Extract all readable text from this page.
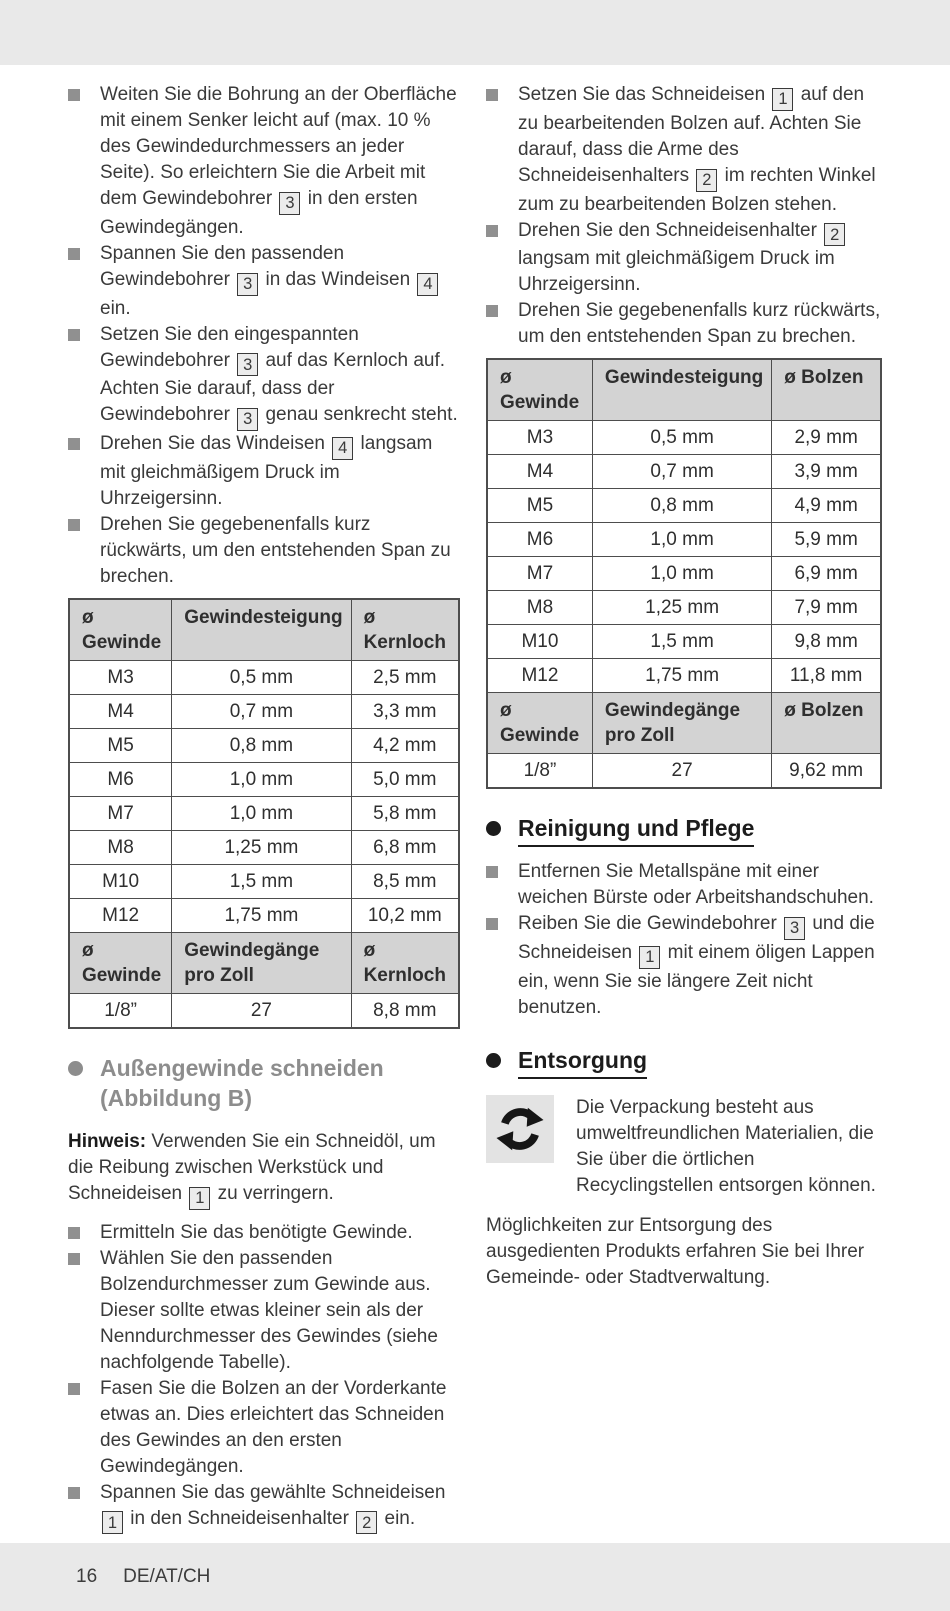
Weiten Sie die Bohrung an der Oberfläche mit einem Senker leicht auf (max. 10 % des Gewindedurchmessers an jeder Seite). So erleichtern Sie die Arbeit mit dem Gewindebohrer 3 in den ersten Gewindegängen.
Spannen Sie den passenden Gewindebohrer 3 in das Windeisen 4 ein.
Setzen Sie den eingespannten Gewindebohrer 3 auf das Kernloch auf. Achten Sie darauf, dass der Gewindebohrer 3 genau senkrecht steht.
Drehen Sie das Windeisen 4 langsam mit gleichmäßigem Druck im Uhrzeigersinn.
Drehen Sie gegebenenfalls kurz rückwärts, um den entstehenden Span zu brechen.
ø Gewinde	Gewindesteigung	ø Kernloch
M3	0,5 mm	2,5 mm
M4	0,7 mm	3,3 mm
M5	0,8 mm	4,2 mm
M6	1,0 mm	5,0 mm
M7	1,0 mm	5,8 mm
M8	1,25 mm	6,8 mm
M10	1,5 mm	8,5 mm
M12	1,75 mm	10,2 mm
ø Gewinde	Gewindegänge pro Zoll	ø Kernloch
1/8”	27	8,8 mm
Außengewinde schneiden
(Abbildung B)

Hinweis: Verwenden Sie ein Schneidöl, um die Reibung zwischen Werkstück und Schneideisen 1 zu verringern.

Ermitteln Sie das benötigte Gewinde.
Wählen Sie den passenden Bolzendurchmesser zum Gewinde aus. Dieser sollte etwas kleiner sein als der Nenndurchmesser des Gewindes (siehe nachfolgende Tabelle).
Fasen Sie die Bolzen an der Vorderkante etwas an. Dies erleichtert das Schneiden des Gewindes an den ersten Gewindegängen.
Spannen Sie das gewählte Schneideisen 1 in den Schneideisenhalter 2 ein.
Setzen Sie das Schneideisen 1 auf den zu bearbeitenden Bolzen auf. Achten Sie darauf, dass die Arme des Schneideisenhalters 2 im rechten Winkel zum zu bearbeitenden Bolzen stehen.
Drehen Sie den Schneideisenhalter 2 langsam mit gleichmäßigem Druck im Uhrzeigersinn.
Drehen Sie gegebenenfalls kurz rückwärts, um den entstehenden Span zu brechen.
ø Gewinde	Gewindesteigung	ø Bolzen
M3	0,5 mm	2,9 mm
M4	0,7 mm	3,9 mm
M5	0,8 mm	4,9 mm
M6	1,0 mm	5,9 mm
M7	1,0 mm	6,9 mm
M8	1,25 mm	7,9 mm
M10	1,5 mm	9,8 mm
M12	1,75 mm	11,8 mm
ø Gewinde	Gewindegänge pro Zoll	ø Bolzen
1/8”	27	9,62 mm
Reinigung und Pflege
Entfernen Sie Metallspäne mit einer weichen Bürste oder Arbeitshandschuhen.
Reiben Sie die Gewindebohrer 3 und die Schneideisen 1 mit einem öligen Lappen ein, wenn Sie sie längere Zeit nicht benutzen.
Entsorgung

Die Verpackung besteht aus umweltfreundlichen Materialien, die Sie über die örtlichen Recyclingstellen entsorgen können.

Möglichkeiten zur Entsorgung des ausgedienten Produkts erfahren Sie bei Ihrer Gemeinde- oder Stadtverwaltung.

16 DE/AT/CH
